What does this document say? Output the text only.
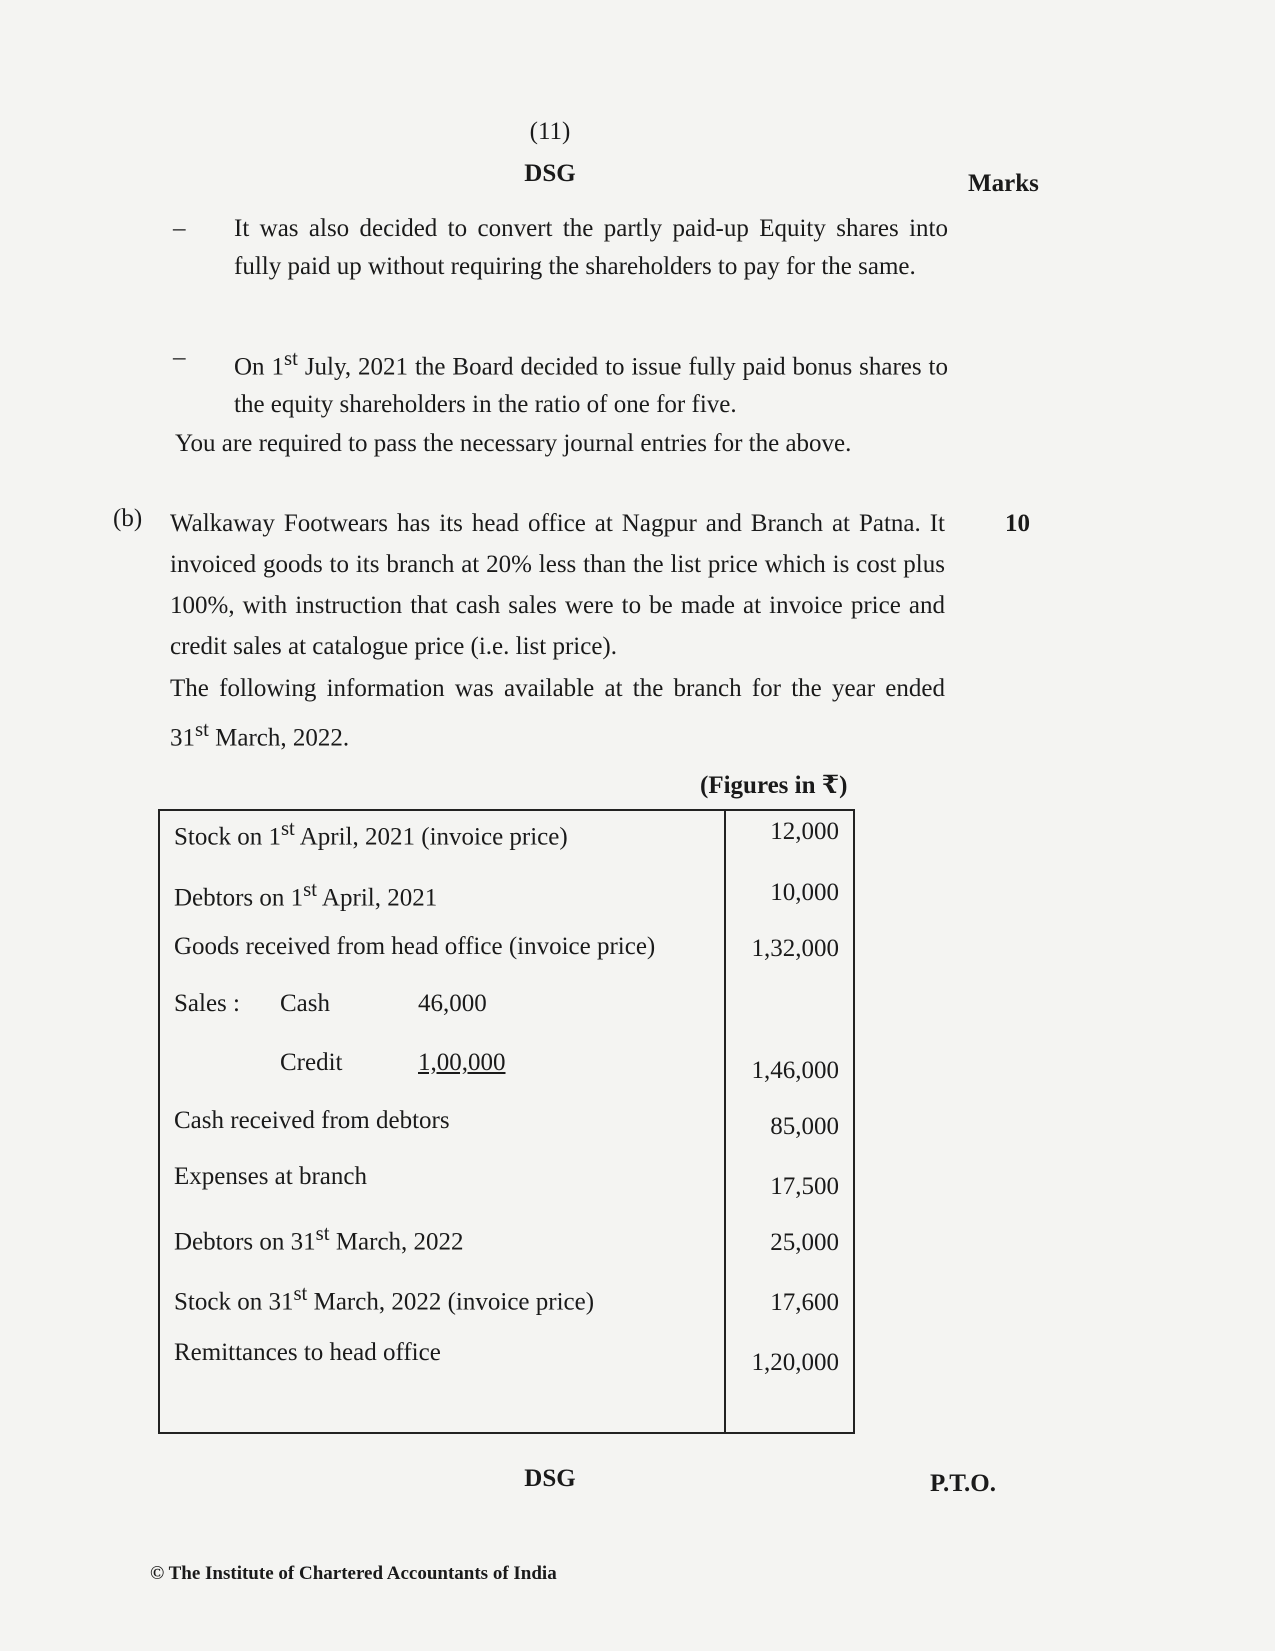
(11)
DSG	Marks
– It was also decided to convert the partly paid-up Equity shares into fully paid up without requiring the shareholders to pay for the same.
– On 1st July, 2021 the Board decided to issue fully paid bonus shares to the equity shareholders in the ratio of one for five.
You are required to pass the necessary journal entries for the above.
(b)	10
Walkaway Footwears has its head office at Nagpur and Branch at Patna. It invoiced goods to its branch at 20% less than the list price which is cost plus 100%, with instruction that cash sales were to be made at invoice price and credit sales at catalogue price (i.e. list price).
The following information was available at the branch for the year ended 31st March, 2022.
(Figures in ₹)
Stock on 1st April, 2021 (invoice price)	12,000
Debtors on 1st April, 2021	10,000
Goods received from head office (invoice price)	1,32,000
Sales : Cash	46,000
Credit	1,00,000	1,46,000
Cash received from debtors	85,000
Expenses at branch	17,500
Debtors on 31st March, 2022	25,000
Stock on 31st March, 2022 (invoice price)	17,600
Remittances to head office	1,20,000
DSG	P.T.O.
© The Institute of Chartered Accountants of India
